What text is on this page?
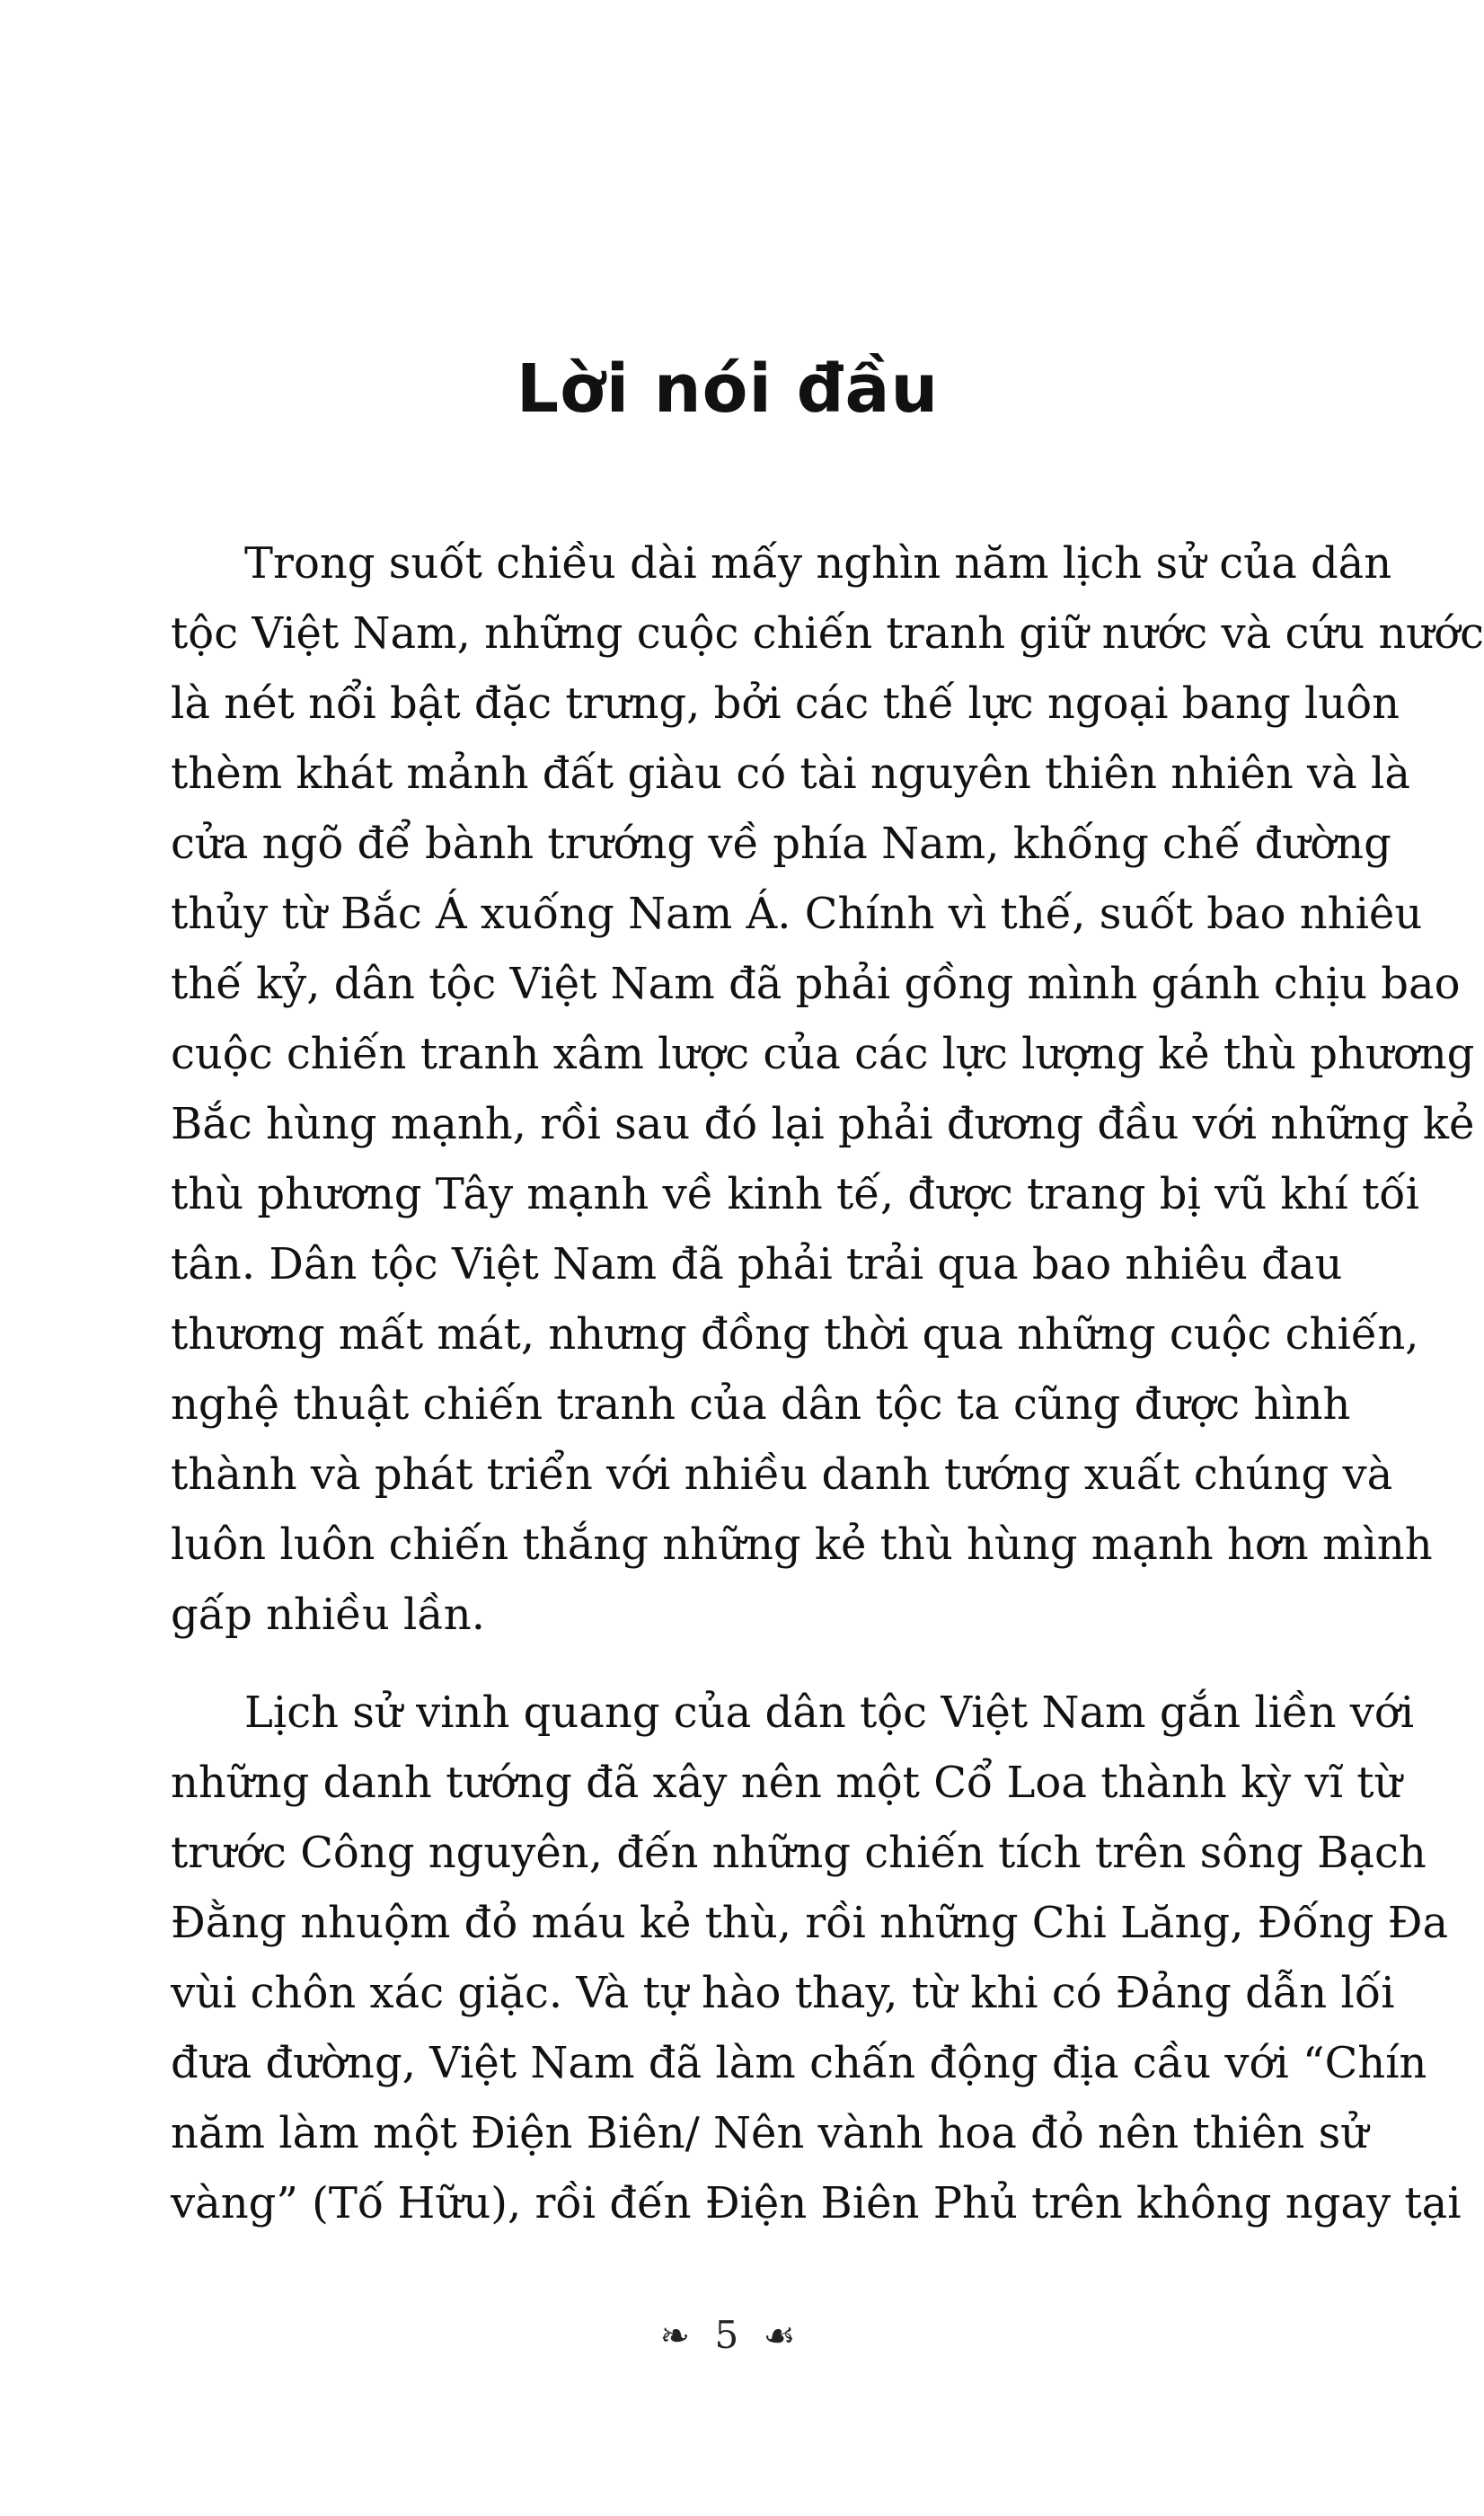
Lời nói đầu
Trong suốt chiều dài mấy nghìn năm lịch sử của dân
tộc Việt Nam, những cuộc chiến tranh giữ nước và cứu nước
là nét nổi bật đặc trưng, bởi các thế lực ngoại bang luôn
thèm khát mảnh đất giàu có tài nguyên thiên nhiên và là
cửa ngõ để bành trướng về phía Nam, khống chế đường
thủy từ Bắc Á xuống Nam Á. Chính vì thế, suốt bao nhiêu
thế kỷ, dân tộc Việt Nam đã phải gồng mình gánh chịu bao
cuộc chiến tranh xâm lược của các lực lượng kẻ thù phương
Bắc hùng mạnh, rồi sau đó lại phải đương đầu với những kẻ
thù phương Tây mạnh về kinh tế, được trang bị vũ khí tối
tân. Dân tộc Việt Nam đã phải trải qua bao nhiêu đau
thương mất mát, nhưng đồng thời qua những cuộc chiến,
nghệ thuật chiến tranh của dân tộc ta cũng được hình
thành và phát triển với nhiều danh tướng xuất chúng và
luôn luôn chiến thắng những kẻ thù hùng mạnh hơn mình
gấp nhiều lần.
Lịch sử vinh quang của dân tộc Việt Nam gắn liền với
những danh tướng đã xây nên một Cổ Loa thành kỳ vĩ từ
trước Công nguyên, đến những chiến tích trên sông Bạch
Đằng nhuộm đỏ máu kẻ thù, rồi những Chi Lăng, Đống Đa
vùi chôn xác giặc. Và tự hào thay, từ khi có Đảng dẫn lối
đưa đường, Việt Nam đã làm chấn động địa cầu với “Chín
năm làm một Điện Biên/ Nên vành hoa đỏ nên thiên sử
vàng” (Tố Hữu), rồi đến Điện Biên Phủ trên không ngay tại
❧ 5 ☙
